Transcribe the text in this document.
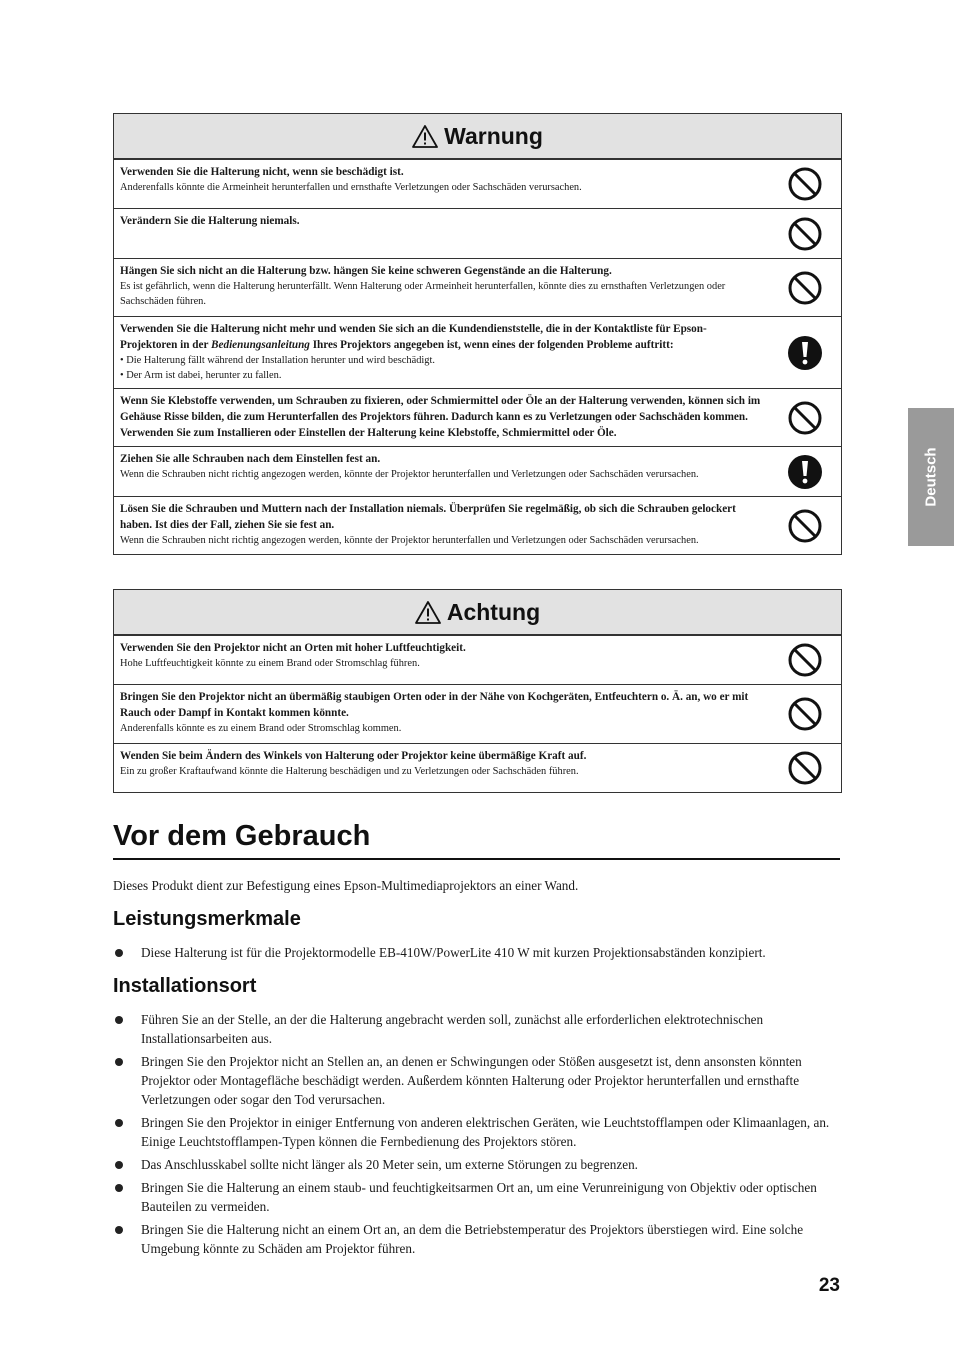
Warnung
Verwenden Sie die Halterung nicht, wenn sie beschädigt ist.
Anderenfalls könnte die Armeinheit herunterfallen und ernsthafte Verletzungen oder Sachschäden verursachen.
Verändern Sie die Halterung niemals.
Hängen Sie sich nicht an die Halterung bzw. hängen Sie keine schweren Gegenstände an die Halterung.
Es ist gefährlich, wenn die Halterung herunterfällt. Wenn Halterung oder Armeinheit herunterfallen, könnte dies zu ernsthaften Verletzungen oder Sachschäden führen.
Verwenden Sie die Halterung nicht mehr und wenden Sie sich an die Kundendienststelle, die in der Kontaktliste für Epson-Projektoren in der Bedienungsanleitung Ihres Projektors angegeben ist, wenn eines der folgenden Probleme auftritt:
• Die Halterung fällt während der Installation herunter und wird beschädigt.
• Der Arm ist dabei, herunter zu fallen.
Wenn Sie Klebstoffe verwenden, um Schrauben zu fixieren, oder Schmiermittel oder Öle an der Halterung verwenden, können sich im Gehäuse Risse bilden, die zum Herunterfallen des Projektors führen. Dadurch kann es zu Verletzungen oder Sachschäden kommen. Verwenden Sie zum Installieren oder Einstellen der Halterung keine Klebstoffe, Schmiermittel oder Öle.
Ziehen Sie alle Schrauben nach dem Einstellen fest an.
Wenn die Schrauben nicht richtig angezogen werden, könnte der Projektor herunterfallen und Verletzungen oder Sachschäden verursachen.
Lösen Sie die Schrauben und Muttern nach der Installation niemals. Überprüfen Sie regelmäßig, ob sich die Schrauben gelockert haben. Ist dies der Fall, ziehen Sie sie fest an.
Wenn die Schrauben nicht richtig angezogen werden, könnte der Projektor herunterfallen und Verletzungen oder Sachschäden verursachen.
Achtung
Verwenden Sie den Projektor nicht an Orten mit hoher Luftfeuchtigkeit.
Hohe Luftfeuchtigkeit könnte zu einem Brand oder Stromschlag führen.
Bringen Sie den Projektor nicht an übermäßig staubigen Orten oder in der Nähe von Kochgeräten, Entfeuchtern o. Ä. an, wo er mit Rauch oder Dampf in Kontakt kommen könnte.
Anderenfalls könnte es zu einem Brand oder Stromschlag kommen.
Wenden Sie beim Ändern des Winkels von Halterung oder Projektor keine übermäßige Kraft auf.
Ein zu großer Kraftaufwand könnte die Halterung beschädigen und zu Verletzungen oder Sachschäden führen.
Deutsch
Vor dem Gebrauch

Dieses Produkt dient zur Befestigung eines Epson-Multimediaprojektors an einer Wand.

Leistungsmerkmale
Diese Halterung ist für die Projektormodelle EB-410W/PowerLite 410 W mit kurzen Projektionsabständen konzipiert.
Installationsort
Führen Sie an der Stelle, an der die Halterung angebracht werden soll, zunächst alle erforderlichen elektrotechnischen Installationsarbeiten aus.
Bringen Sie den Projektor nicht an Stellen an, an denen er Schwingungen oder Stößen ausgesetzt ist, denn ansonsten könnten Projektor oder Montagefläche beschädigt werden. Außerdem könnten Halterung oder Projektor herunterfallen und ernsthafte Verletzungen oder sogar den Tod verursachen.
Bringen Sie den Projektor in einiger Entfernung von anderen elektrischen Geräten, wie Leuchtstofflampen oder Klimaanlagen, an. Einige Leuchtstofflampen-Typen können die Fernbedienung des Projektors stören.
Das Anschlusskabel sollte nicht länger als 20 Meter sein, um externe Störungen zu begrenzen.
Bringen Sie die Halterung an einem staub- und feuchtigkeitsarmen Ort an, um eine Verunreinigung von Objektiv oder optischen Bauteilen zu vermeiden.
Bringen Sie die Halterung nicht an einem Ort an, an dem die Betriebstemperatur des Projektors überstiegen wird. Eine solche Umgebung könnte zu Schäden am Projektor führen.
23
